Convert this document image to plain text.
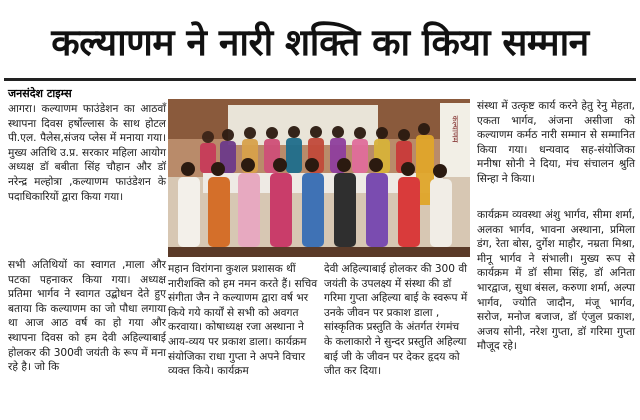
कल्याणम ने नारी शक्ति का किया सम्मान
जनसंदेश टाइम्स

आगरा। कल्याणम फाउंडेशन का आठवाँ स्थापना दिवस हर्षोल्लास के साथ होटल पी.एल. पैलेस,संजय प्लेस में मनाया गया। मुख्य अतिथि उ.प्र. सरकार महिला आयोग अध्यक्ष डॉ बबीता सिंह चौहान और डॉ नरेन्द्र मल्होत्रा ,कल्याणम फाउंडेशन के पदाधिकारियों द्वारा किया गया।

सभी अतिथियों का स्वागत ,माला और पटका पहनाकर किया गया। अध्यक्ष प्रतिमा भार्गव ने स्वागत उद्बोधन देते हुए बताया कि कल्याणम का जो पौधा लगाया था आज आठ वर्ष का हो गया और स्थापना दिवस को हम देवी अहिल्याबाई होलकर की 300वी जयंती के रूप में मना रहे है। जो कि

कल्याणम

महान विरांगना कुशल प्रशासक थीं नारीशक्ति को हम नमन करते हैं। सचिव संगीता जैन ने कल्याणम द्वारा वर्ष भर किये गये कार्यों से सभी को अवगत करवाया। कोषाध्यक्ष रजा अस्थाना ने आय-व्यय पर प्रकाश डाला। कार्यक्रम संयोजिका राधा गुप्ता ने अपने विचार व्यक्त किये। कार्यक्रम

देवी अहिल्याबाई होलकर की 300 वी जयंती के उपलक्ष्य में संस्था की डॉ गरिमा गुप्ता अहिल्या बाई के स्वरूप में उनके जीवन पर प्रकाश डाला , सांस्कृतिक प्रस्तुति के अंतर्गत रंगमंच के कलाकारो ने सुन्दर प्रस्तुति अहिल्या बाई जी के जीवन पर देकर हृदय को जीत कर दिया।

संस्था में उत्कृष्ट कार्य करने हेतु रेनु मेहता, एकता भार्गव, अंजना असीजा को कल्याणम कर्मठ नारी सम्मान से सम्मानित किया गया। धन्यवाद सह-संयोजिका मनीषा सोनी ने दिया, मंच संचालन श्रुति सिन्हा ने किया।

कार्यक्रम व्यवस्था अंशु भार्गव, सीमा शर्मा, अलका भार्गव, भावना अस्थाना, प्रमिला डंग, रेता बोस, दुर्गेश माहौर, नम्रता मिश्रा, मीनू भार्गव ने संभाली। मुख्य रूप से कार्यक्रम में डॉ सीमा सिंह, डॉ अनिता भारद्वाज, सुधा बंसल, करुणा शर्मा, अल्पा भार्गव, ज्योति जादौन, मंजू भार्गव, सरोज, मनोज बजाज, डॉ एंजुल प्रकाश, अजय सोनी, नरेश गुप्ता, डॉ गरिमा गुप्ता मौजूद रहे।
